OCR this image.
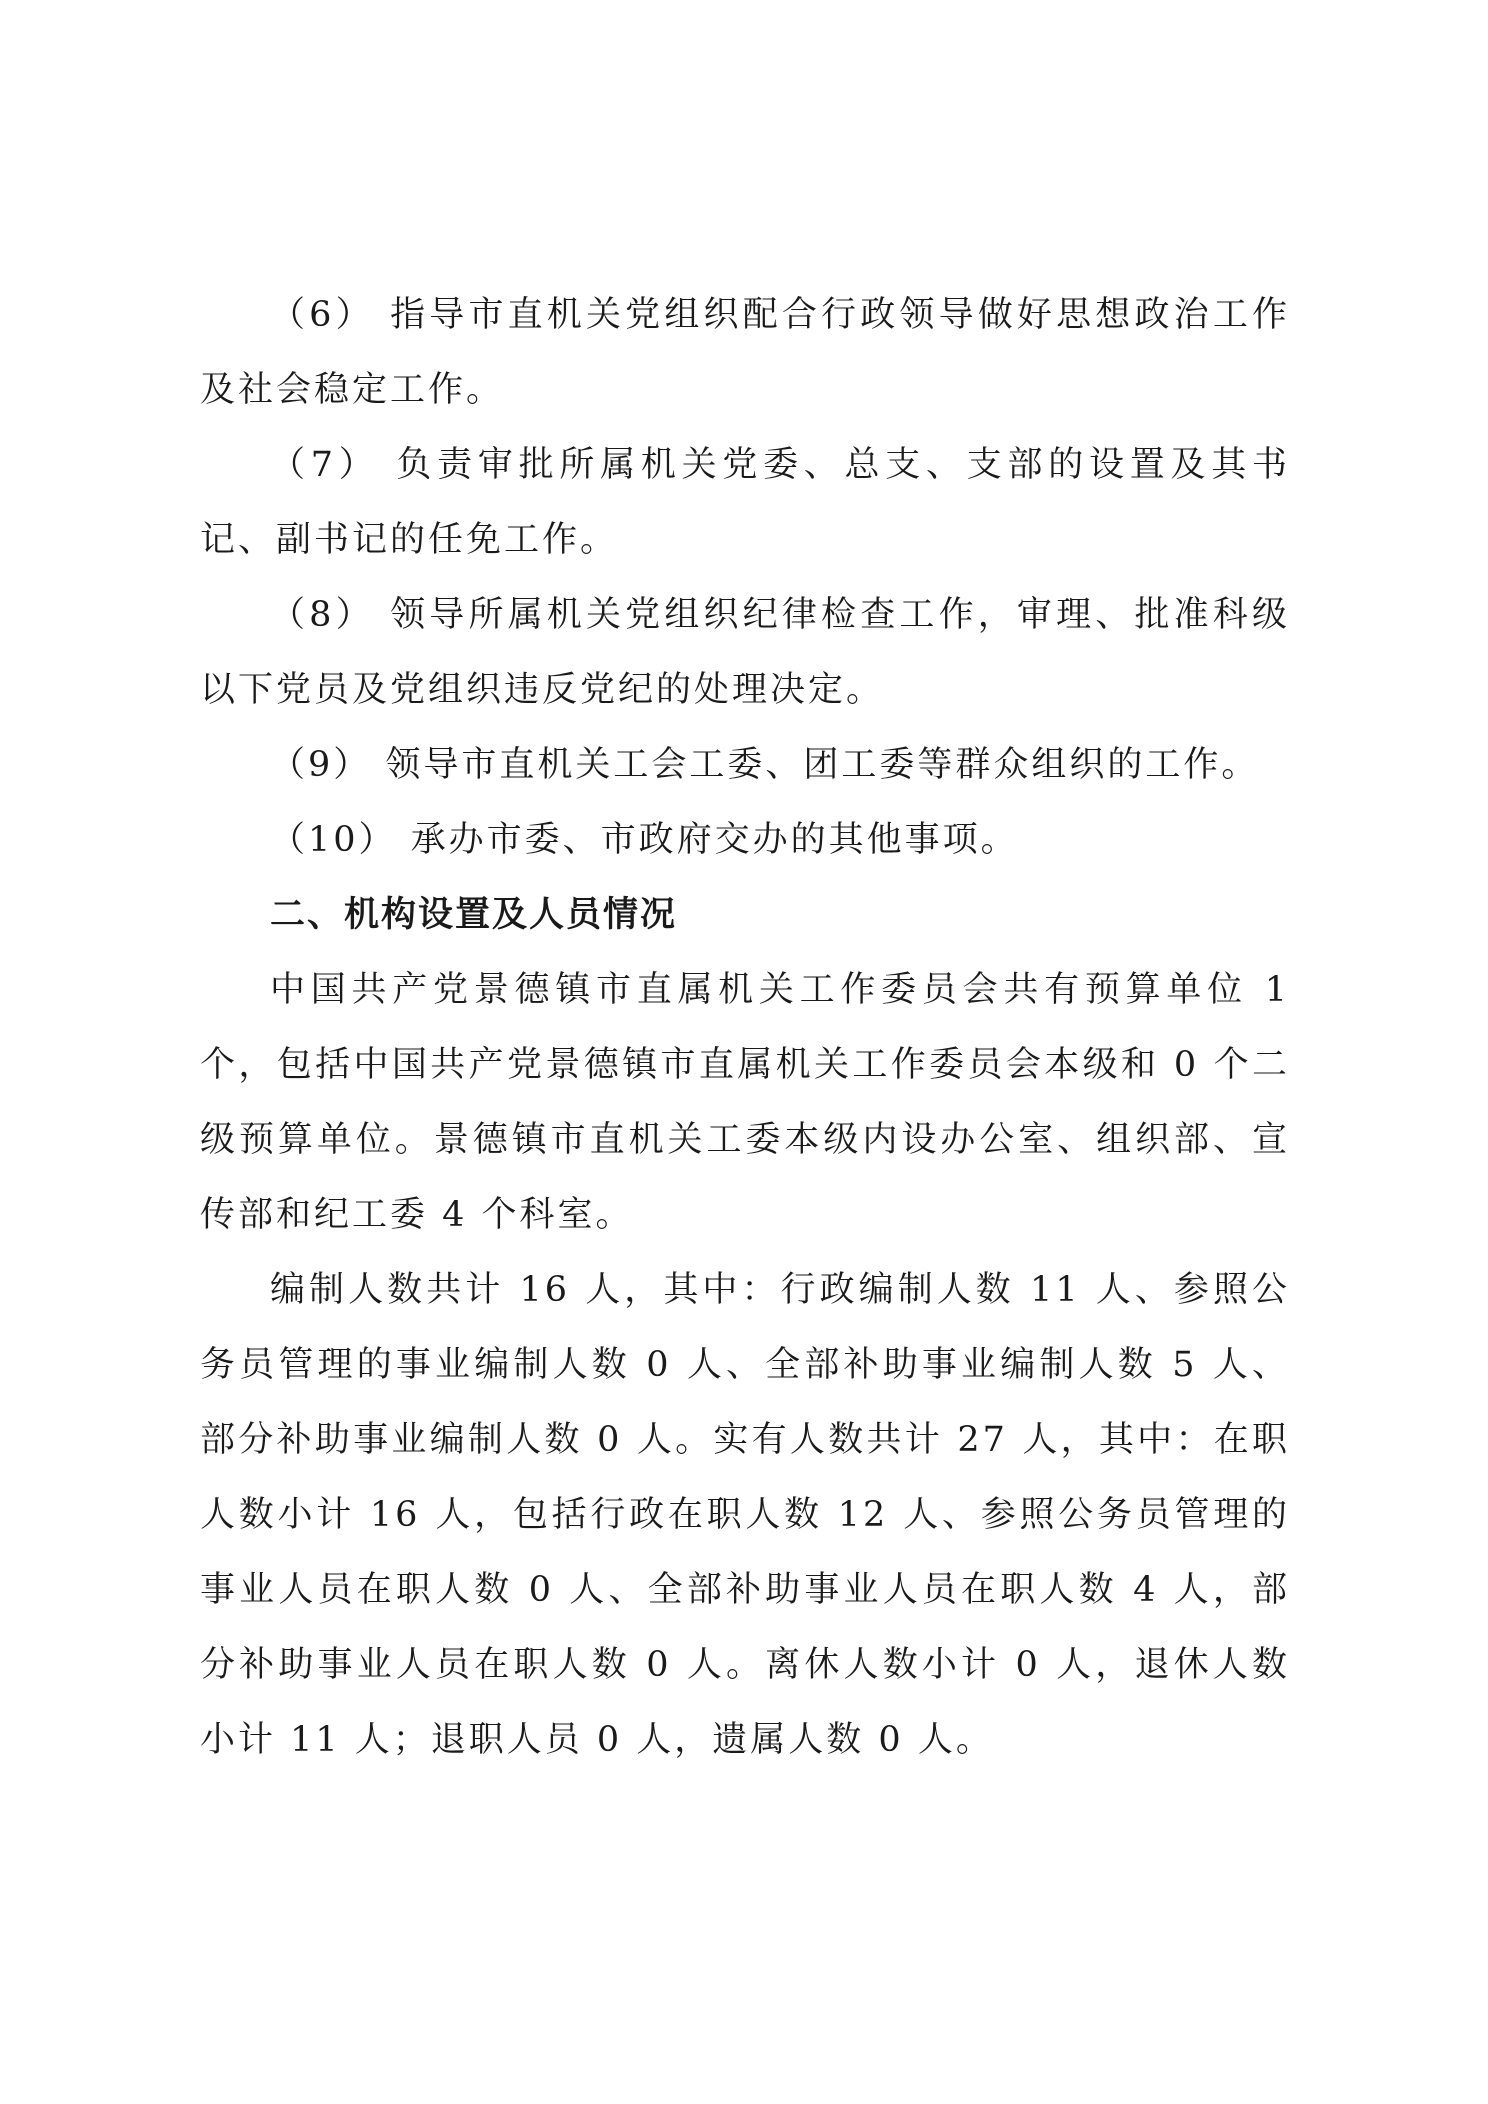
（6） 指导市直机关党组织配合行政领导做好思想政治工作及社会稳定工作。

（7） 负责审批所属机关党委、总支、支部的设置及其书记、副书记的任免工作。

（8） 领导所属机关党组织纪律检查工作，审理、批准科级以下党员及党组织违反党纪的处理决定。

（9） 领导市直机关工会工委、团工委等群众组织的工作。

（10） 承办市委、市政府交办的其他事项。

二、机构设置及人员情况

中国共产党景德镇市直属机关工作委员会共有预算单位 1 个，包括中国共产党景德镇市直属机关工作委员会本级和 0 个二级预算单位。景德镇市直机关工委本级内设办公室、组织部、宣传部和纪工委 4 个科室。

编制人数共计 16 人，其中：行政编制人数 11 人、参照公务员管理的事业编制人数 0 人、全部补助事业编制人数 5 人、部分补助事业编制人数 0 人。实有人数共计 27 人，其中：在职人数小计 16 人，包括行政在职人数 12 人、参照公务员管理的事业人员在职人数 0 人、全部补助事业人员在职人数 4 人，部分补助事业人员在职人数 0 人。离休人数小计 0 人，退休人数小计 11 人；退职人员 0 人，遗属人数 0 人。
